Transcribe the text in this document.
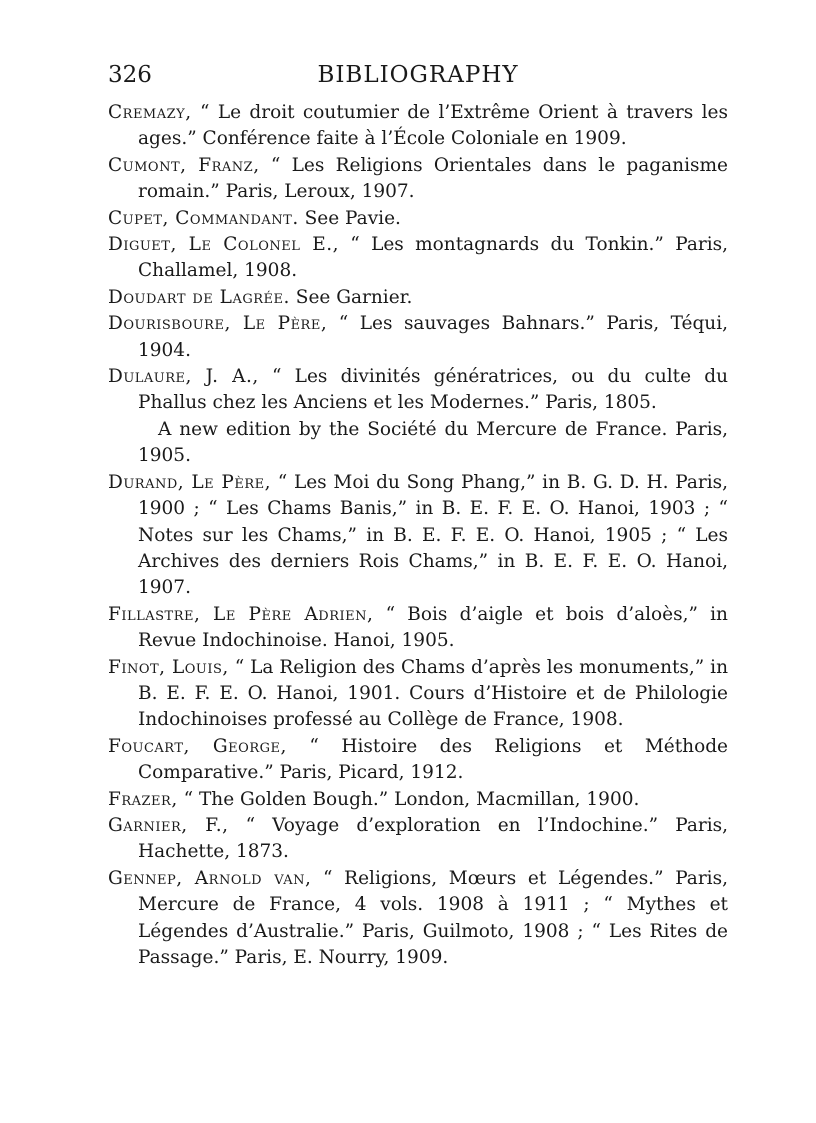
326	BIBLIOGRAPHY

Cremazy, “ Le droit coutumier de l’Extrême Orient à travers les ages.” Conférence faite à l’École Coloniale en 1909.

Cumont, Franz, “ Les Religions Orientales dans le paganisme romain.” Paris, Leroux, 1907.

Cupet, Commandant. See Pavie.

Diguet, Le Colonel E., “ Les montagnards du Tonkin.” Paris, Challamel, 1908.

Doudart de Lagrée. See Garnier.

Dourisboure, Le Père, “ Les sauvages Bahnars.” Paris, Téqui, 1904.

Dulaure, J. A., “ Les divinités génératrices, ou du culte du Phallus chez les Anciens et les Modernes.” Paris, 1805.
A new edition by the Société du Mercure de France. Paris, 1905.

Durand, Le Père, “ Les Moi du Song Phang,” in B. G. D. H. Paris, 1900 ; “ Les Chams Banis,” in B. E. F. E. O. Hanoi, 1903 ; “ Notes sur les Chams,” in B. E. F. E. O. Hanoi, 1905 ; “ Les Archives des derniers Rois Chams,” in B. E. F. E. O. Hanoi, 1907.

Fillastre, Le Père Adrien, “ Bois d’aigle et bois d’aloès,” in Revue Indochinoise. Hanoi, 1905.

Finot, Louis, “ La Religion des Chams d’après les monuments,” in B. E. F. E. O. Hanoi, 1901. Cours d’Histoire et de Philologie Indochinoises professé au Collège de France, 1908.

Foucart, George, “ Histoire des Religions et Méthode Comparative.” Paris, Picard, 1912.

Frazer, “ The Golden Bough.” London, Macmillan, 1900.

Garnier, F., “ Voyage d’exploration en l’Indochine.” Paris, Hachette, 1873.

Gennep, Arnold van, “ Religions, Mœurs et Légendes.” Paris, Mercure de France, 4 vols. 1908 à 1911 ; “ Mythes et Légendes d’Australie.” Paris, Guilmoto, 1908 ; “ Les Rites de Passage.” Paris, E. Nourry, 1909.
